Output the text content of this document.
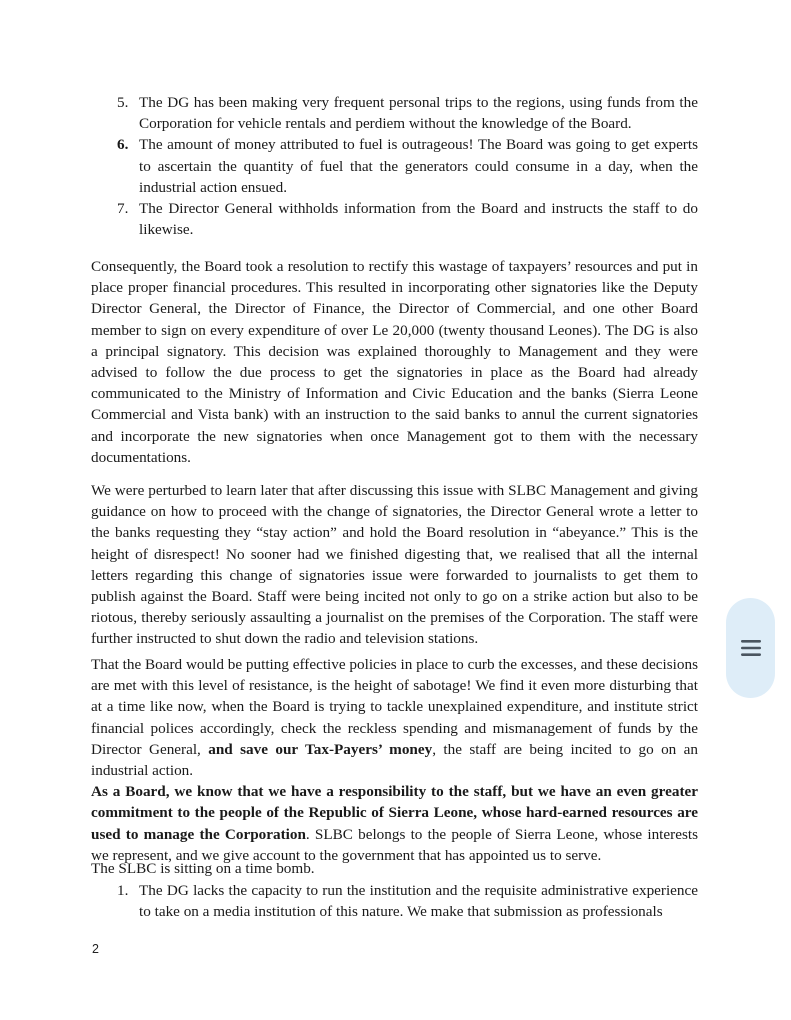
5. The DG has been making very frequent personal trips to the regions, using funds from the Corporation for vehicle rentals and perdiem without the knowledge of the Board.
6. The amount of money attributed to fuel is outrageous! The Board was going to get experts to ascertain the quantity of fuel that the generators could consume in a day, when the industrial action ensued.
7. The Director General withholds information from the Board and instructs the staff to do likewise.

Consequently, the Board took a resolution to rectify this wastage of taxpayers’ resources and put in place proper financial procedures. This resulted in incorporating other signatories like the Deputy Director General, the Director of Finance, the Director of Commercial, and one other Board member to sign on every expenditure of over Le 20,000 (twenty thousand Leones). The DG is also a principal signatory. This decision was explained thoroughly to Management and they were advised to follow the due process to get the signatories in place as the Board had already communicated to the Ministry of Information and Civic Education and the banks (Sierra Leone Commercial and Vista bank) with an instruction to the said banks to annul the current signatories and incorporate the new signatories when once Management got to them with the necessary documentations.

We were perturbed to learn later that after discussing this issue with SLBC Management and giving guidance on how to proceed with the change of signatories, the Director General wrote a letter to the banks requesting they “stay action” and hold the Board resolution in “abeyance.” This is the height of disrespect! No sooner had we finished digesting that, we realised that all the internal letters regarding this change of signatories issue were forwarded to journalists to get them to publish against the Board. Staff were being incited not only to go on a strike action but also to be riotous, thereby seriously assaulting a journalist on the premises of the Corporation. The staff were further instructed to shut down the radio and television stations.

That the Board would be putting effective policies in place to curb the excesses, and these decisions are met with this level of resistance, is the height of sabotage! We find it even more disturbing that at a time like now, when the Board is trying to tackle unexplained expenditure, and institute strict financial polices accordingly, check the reckless spending and mismanagement of funds by the Director General, and save our Tax-Payers’ money, the staff are being incited to go on an industrial action.

As a Board, we know that we have a responsibility to the staff, but we have an even greater commitment to the people of the Republic of Sierra Leone, whose hard-earned resources are used to manage the Corporation. SLBC belongs to the people of Sierra Leone, whose interests we represent, and we give account to the government that has appointed us to serve.

The SLBC is sitting on a time bomb.

1. The DG lacks the capacity to run the institution and the requisite administrative experience to take on a media institution of this nature. We make that submission as professionals
2
